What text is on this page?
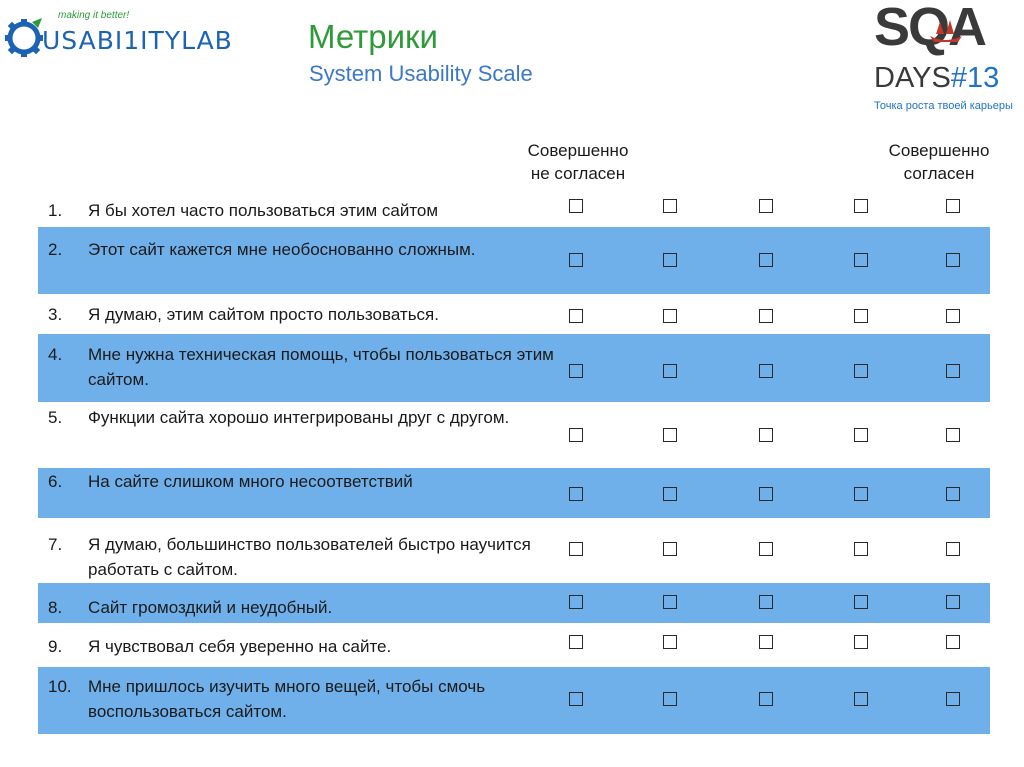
making it better!
USABI1ITYLAB Метрики
System Usability Scale
SQA
DAYS#13
Точка роста твоей карьеры
Совершенно
не согласен
Совершенно
согласен
1. Я бы хотел часто пользоваться этим сайтом
2. Этот сайт кажется мне необоснованно сложным.
3. Я думаю, этим сайтом просто пользоваться.
4. Мне нужна техническая помощь, чтобы пользоваться этим сайтом.
5. Функции сайта хорошо интегрированы друг с другом.
6. На сайте слишком много несоответствий
7. Я думаю, большинство пользователей быстро научится работать с сайтом.
8. Сайт громоздкий и неудобный.
9. Я чувствовал себя уверенно на сайте.
10. Мне пришлось изучить много вещей, чтобы смочь воспользоваться сайтом.
